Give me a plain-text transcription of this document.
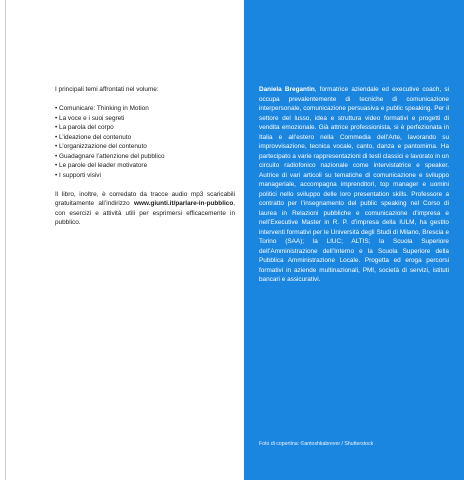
I principali temi affrontati nel volume:

• Comunicare: Thinking in Motion
• La voce e i suoi segreti
• La parola del corpo
• L’ideazione del contenuto
• L’organizzazione del contenuto
• Guadagnare l’attenzione del pubblico
• Le parole del leader motivatore
• I supporti visivi

Il libro, inoltre, è corredato da tracce audio mp3 scaricabili gratuitamente all’indirizzo www.giunti.it/parlare-in-pubblico, con esercizi e attività utili per esprimersi efficacemente in pubblico.

Daniela Bregantin, formatrice aziendale ed executive coach, si occupa prevalentemente di tecniche di comunicazione interpersonale, comunicazione persuasiva e public speaking. Per il settore del lusso, idea e struttura video formativi e progetti di vendita emozionale. Già attrice professionista, si è perfezionata in Italia e all’estero nella Commedia dell’Arte, lavorando su improvvisazione, tecnica vocale, canto, danza e pantomima. Ha partecipato a varie rappresentazioni di testi classici e lavorato in un circuito radiofonico nazionale come intervistatrice e speaker. Autrice di vari articoli su tematiche di comunicazione e sviluppo manageriale, accompagna imprenditori, top manager e uomini politici nello sviluppo delle loro presentation skills. Professore a contratto per l’insegnamento del public speaking nel Corso di laurea in Relazioni pubbliche e comunicazione d’impresa e nell’Executive Master in R. P. d’impresa della IULM, ha gestito interventi formativi per le Università degli Studi di Milano, Brescia e Torino (SAA); la LIUC; ALTIS; la Scuola Superiore dell’Amministrazione dell’Interno e la Scuola Superiore della Pubblica Amministrazione Locale. Progetta ed eroga percorsi formativi in aziende multinazionali, PMI, società di servizi, istituti bancari e assicurativi.

Foto di copertina: ©antoshkabrever / Shutterstock
